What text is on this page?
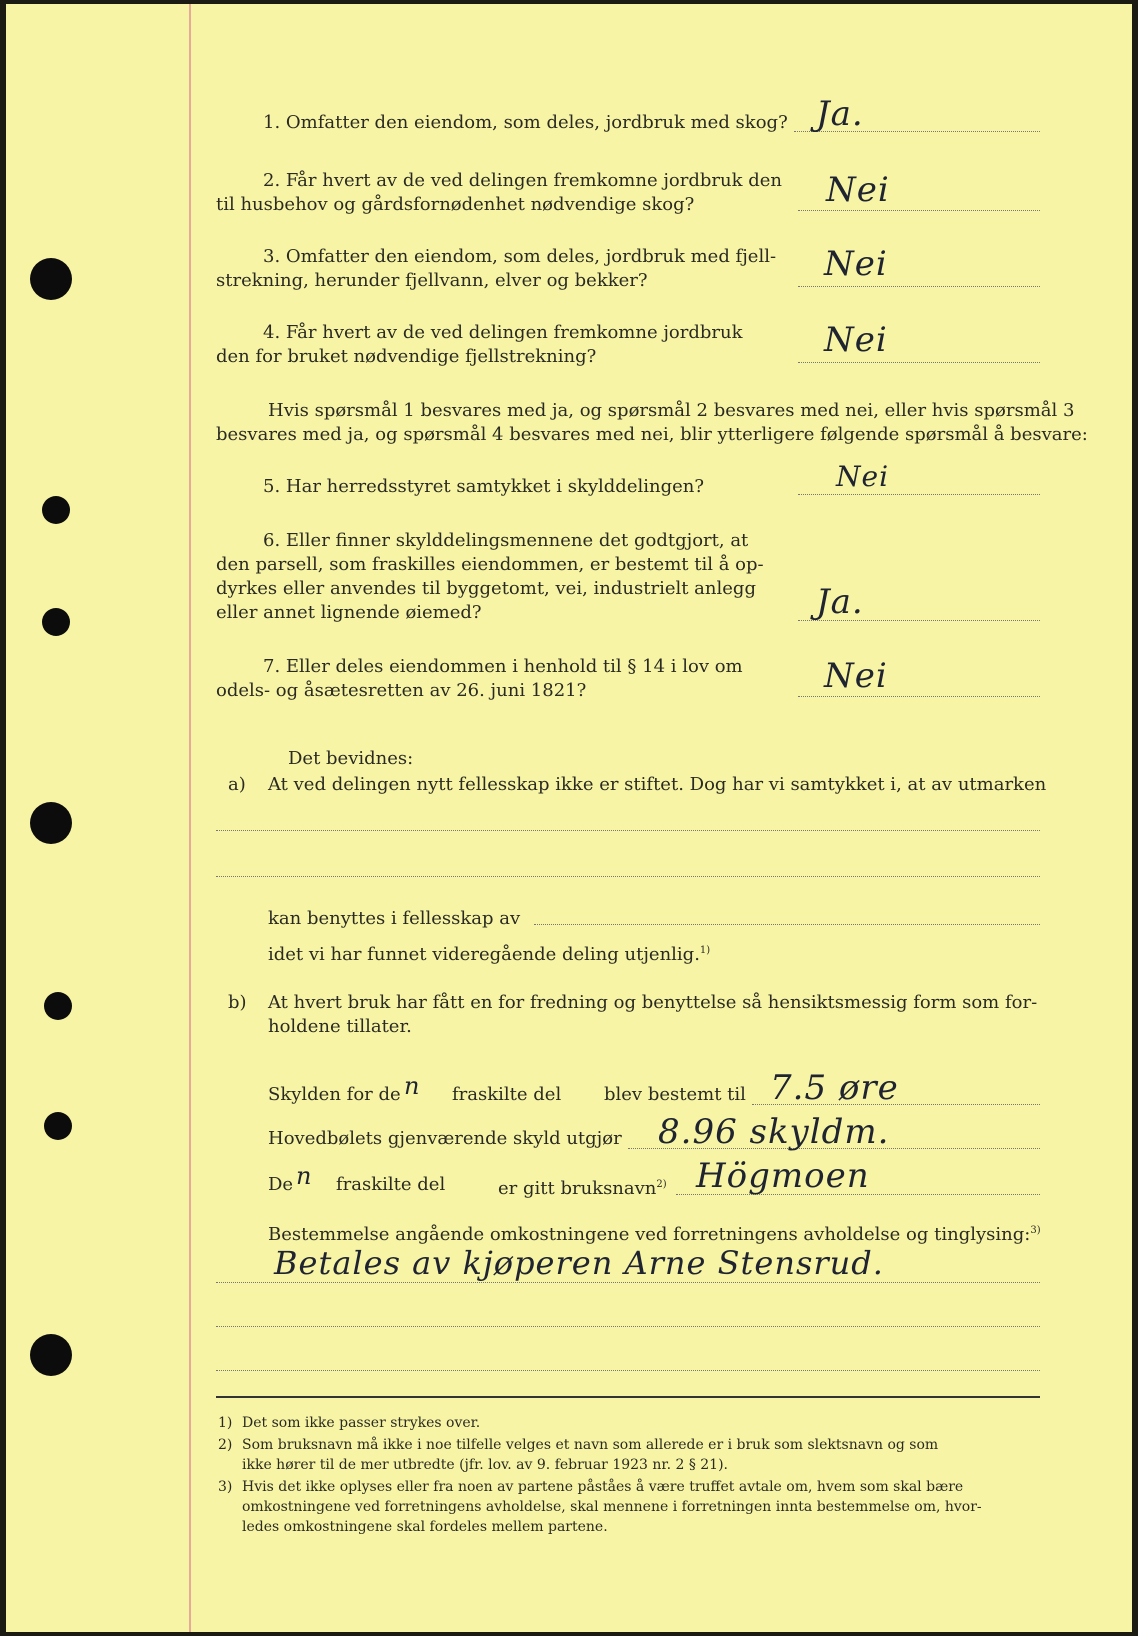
1. Omfatter den eiendom, som deles, jordbruk med skog? Ja.
2. Får hvert av de ved delingen fremkomne jordbruk den
til husbehov og gårdsfornødenhet nødvendige skog?	Nei
3. Omfatter den eiendom, som deles, jordbruk med fjell-
strekning, herunder fjellvann, elver og bekker?	Nei
4. Får hvert av de ved delingen fremkomne jordbruk
den for bruket nødvendige fjellstrekning?	Nei
Hvis spørsmål 1 besvares med ja, og spørsmål 2 besvares med nei, eller hvis spørsmål 3
besvares med ja, og spørsmål 4 besvares med nei, blir ytterligere følgende spørsmål å besvare:
5. Har herredsstyret samtykket i skylddelingen?	Nei
6. Eller finner skylddelingsmennene det godtgjort, at
den parsell, som fraskilles eiendommen, er bestemt til å op-
dyrkes eller anvendes til byggetomt, vei, industrielt anlegg
eller annet lignende øiemed?	Ja.
7. Eller deles eiendommen i henhold til § 14 i lov om
odels- og åsætesretten av 26. juni 1821?	Nei
Det bevidnes:
a) At ved delingen nytt fellesskap ikke er stiftet. Dog har vi samtykket i, at av utmarken
kan benyttes i fellesskap av
idet vi har funnet videregående deling utjenlig.$^{1)}$
b) At hvert bruk har fått en for fredning og benyttelse så hensiktsmessig form som for-
holdene tillater.
Skylden for de n fraskilte del blev bestemt til 7.5 øre
Hovedbølets gjenværende skyld utgjør 8.96 skyldm.
De n fraskilte del	er gitt bruksnavn$^{2)}$ Högmoen
Bestemmelse angående omkostningene ved forretningens avholdelse og tinglysing:$^{3)}$
Betales av kjøperen Arne Stensrud.
1) Det som ikke passer strykes over.
2) Som bruksnavn må ikke i noe tilfelle velges et navn som allerede er i bruk som slektsnavn og som
ikke hører til de mer utbredte (jfr. lov. av 9. februar 1923 nr. 2 § 21).
3) Hvis det ikke oplyses eller fra noen av partene påståes å være truffet avtale om, hvem som skal bære
omkostningene ved forretningens avholdelse, skal mennene i forretningen innta bestemmelse om, hvor-
ledes omkostningene skal fordeles mellem partene.
